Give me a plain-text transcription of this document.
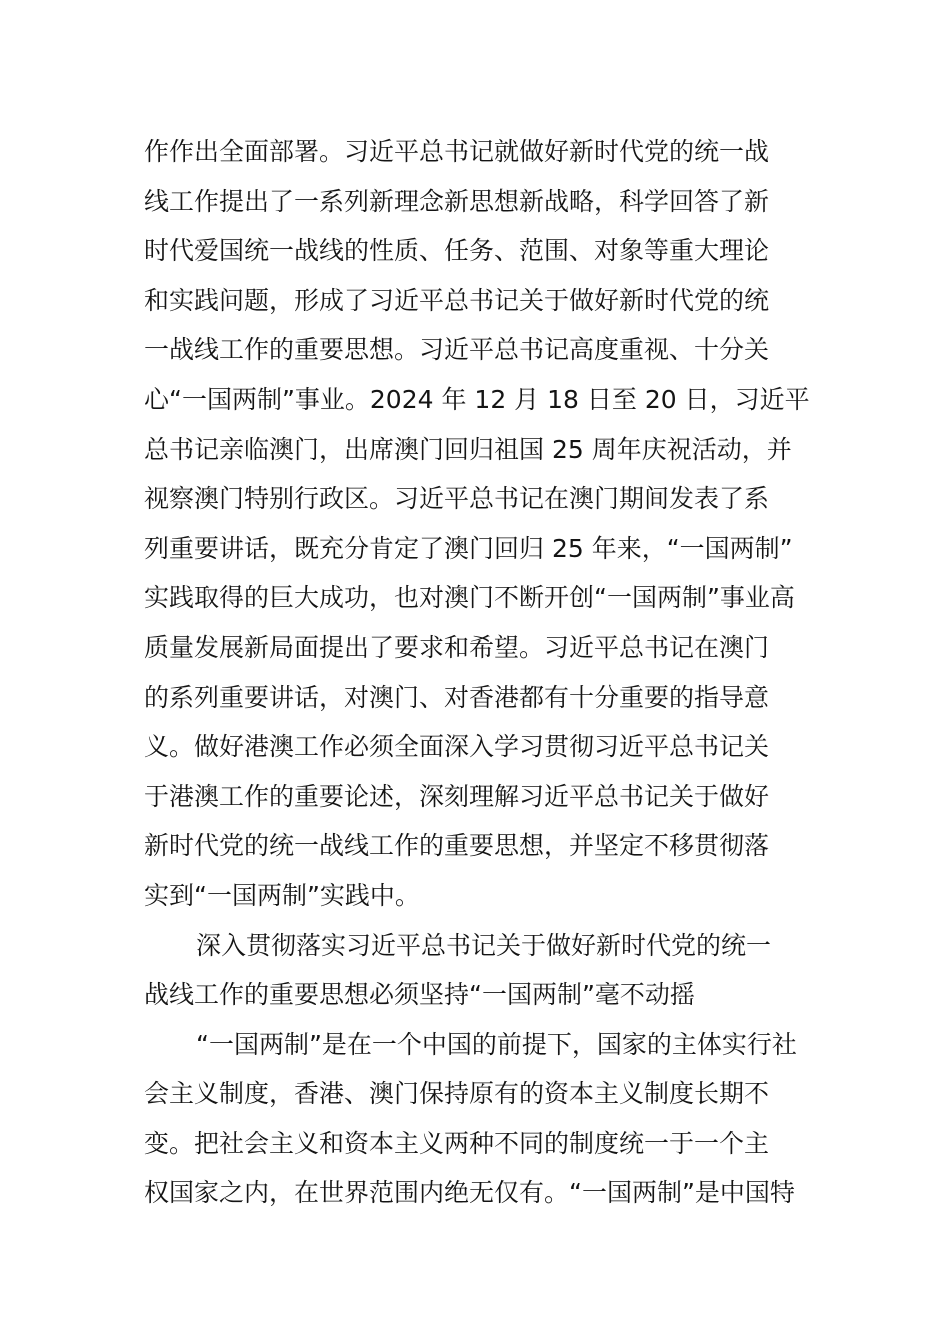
作作出全面部署。习近平总书记就做好新时代党的统一战
线工作提出了一系列新理念新思想新战略，科学回答了新
时代爱国统一战线的性质、任务、范围、对象等重大理论
和实践问题，形成了习近平总书记关于做好新时代党的统
一战线工作的重要思想。习近平总书记高度重视、十分关
心“一国两制”事业。2024 年 12 月 18 日至 20 日，习近平
总书记亲临澳门，出席澳门回归祖国 25 周年庆祝活动，并
视察澳门特别行政区。习近平总书记在澳门期间发表了系
列重要讲话，既充分肯定了澳门回归 25 年来，“一国两制”
实践取得的巨大成功，也对澳门不断开创“一国两制”事业高
质量发展新局面提出了要求和希望。习近平总书记在澳门
的系列重要讲话，对澳门、对香港都有十分重要的指导意
义。做好港澳工作必须全面深入学习贯彻习近平总书记关
于港澳工作的重要论述，深刻理解习近平总书记关于做好
新时代党的统一战线工作的重要思想，并坚定不移贯彻落
实到“一国两制”实践中。
深入贯彻落实习近平总书记关于做好新时代党的统一
战线工作的重要思想必须坚持“一国两制”毫不动摇
“一国两制”是在一个中国的前提下，国家的主体实行社
会主义制度，香港、澳门保持原有的资本主义制度长期不
变。把社会主义和资本主义两种不同的制度统一于一个主
权国家之内，在世界范围内绝无仅有。“一国两制”是中国特
